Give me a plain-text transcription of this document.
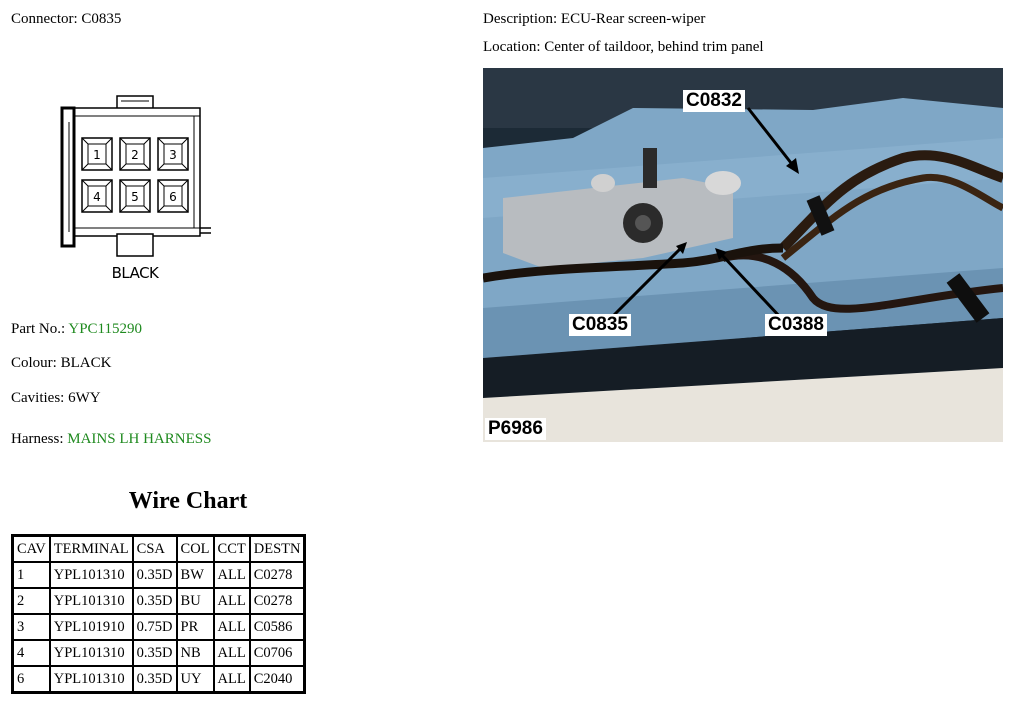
Connector: C0835	Description: ECU-Rear screen-wiper
Location: Center of taildoor, behind trim panel
1	2	3
4	5	6
BLACK
Part No.: YPC115290
Colour: BLACK
Cavities: 6WY
Harness: MAINS LH HARNESS
Wire Chart
CAV	TERMINAL	CSA	COL	CCT	DESTN
1	YPL101310	0.35D	BW	ALL	C0278
2	YPL101310	0.35D	BU	ALL	C0278
3	YPL101910	0.75D	PR	ALL	C0586
4	YPL101310	0.35D	NB	ALL	C0706
6	YPL101310	0.35D	UY	ALL	C2040
C0832
C0835	C0388
P6986
